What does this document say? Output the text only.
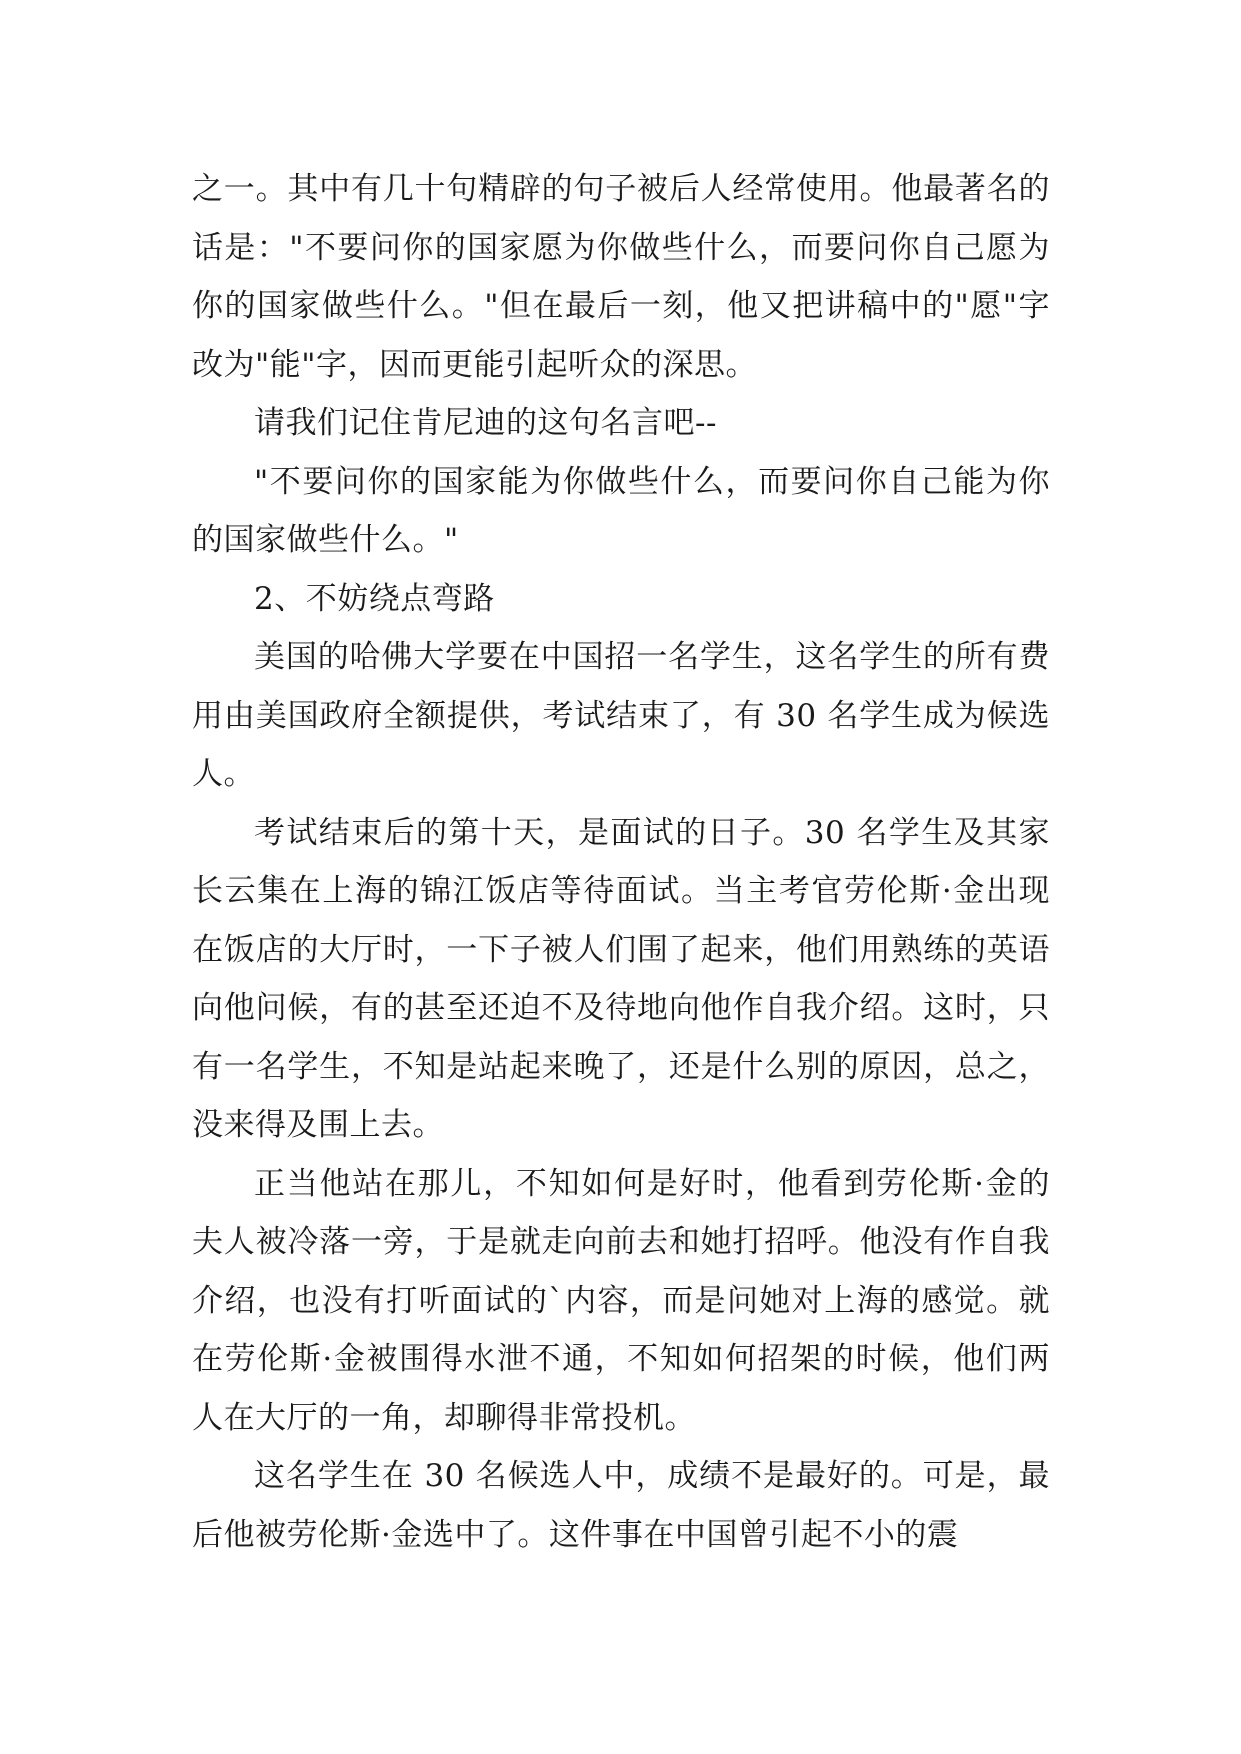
之一。其中有几十句精辟的句子被后人经常使用。他最著名的话是："不要问你的国家愿为你做些什么，而要问你自己愿为你的国家做些什么。"但在最后一刻，他又把讲稿中的"愿"字改为"能"字，因而更能引起听众的深思。

请我们记住肯尼迪的这句名言吧--

"不要问你的国家能为你做些什么，而要问你自己能为你的国家做些什么。"

2、不妨绕点弯路

美国的哈佛大学要在中国招一名学生，这名学生的所有费用由美国政府全额提供，考试结束了，有 30 名学生成为候选人。

考试结束后的第十天，是面试的日子。30 名学生及其家长云集在上海的锦江饭店等待面试。当主考官劳伦斯·金出现在饭店的大厅时，一下子被人们围了起来，他们用熟练的英语向他问候，有的甚至还迫不及待地向他作自我介绍。这时，只有一名学生，不知是站起来晚了，还是什么别的原因，总之，没来得及围上去。

正当他站在那儿，不知如何是好时，他看到劳伦斯·金的夫人被冷落一旁，于是就走向前去和她打招呼。他没有作自我介绍，也没有打听面试的`内容，而是问她对上海的感觉。就在劳伦斯·金被围得水泄不通，不知如何招架的时候，他们两人在大厅的一角，却聊得非常投机。

这名学生在 30 名候选人中，成绩不是最好的。可是，最后他被劳伦斯·金选中了。这件事在中国曾引起不小的震
